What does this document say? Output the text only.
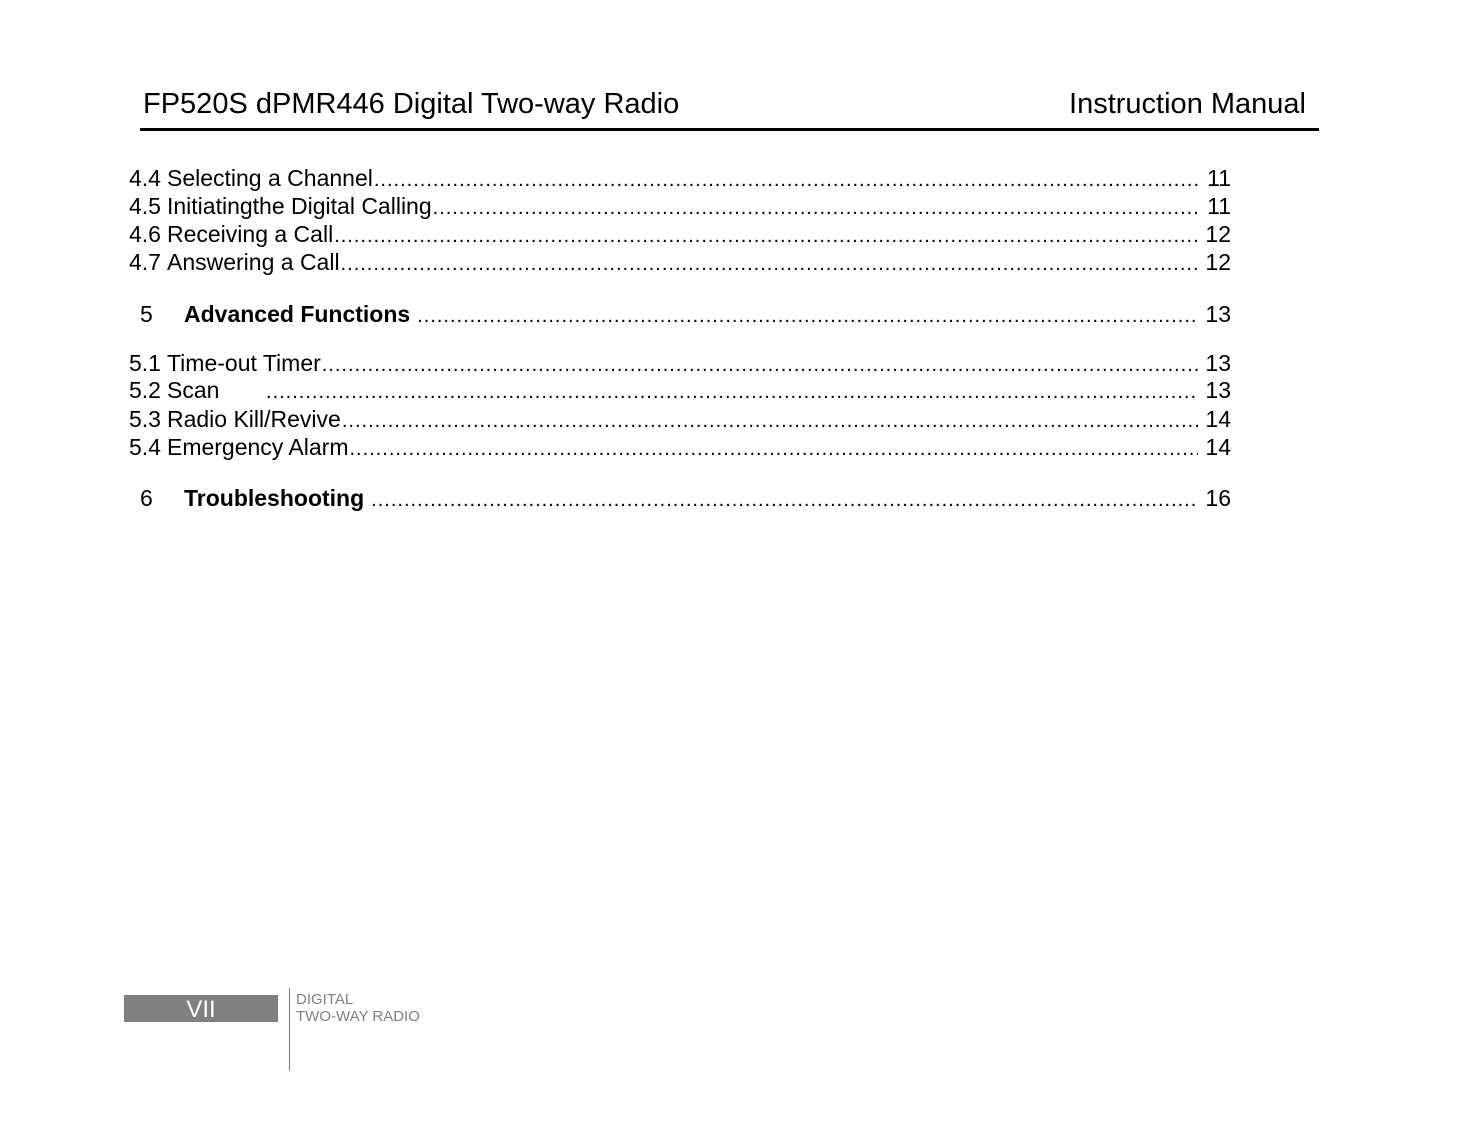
FP520S dPMR446 Digital Two-way Radio	Instruction Manual
4.4 Selecting a Channel .....	11
4.5 Initiatingthe Digital Calling .....	11
4.6 Receiving a Call .....	12
4.7 Answering a Call .....	12
5	Advanced Functions .....	13
5.1 Time-out Timer .....	13
5.2 Scan .....	13
5.3 Radio Kill/Revive .....	14
5.4 Emergency Alarm .....	14
6	Troubleshooting .....	16
VII	DIGITAL
TWO-WAY RADIO
